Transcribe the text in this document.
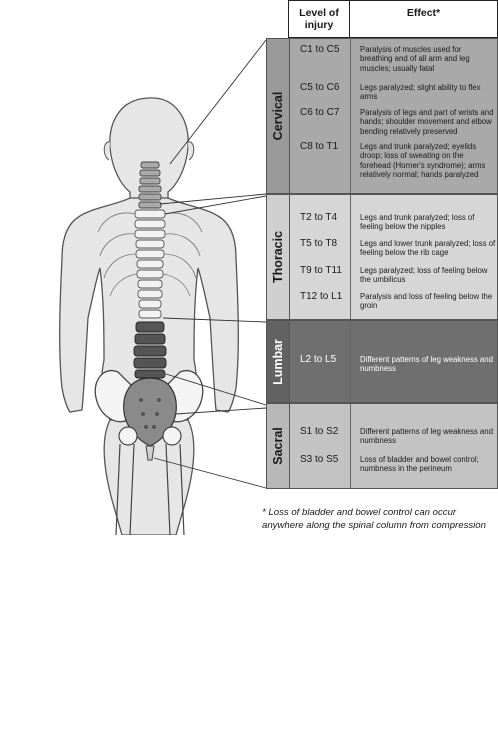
Level of injury
Effect*
Cervical
C1 to C5	Paralysis of muscles used for breathing and of all arm and leg muscles; usually fatal
C5 to C6	Legs paralyzed; slight ability to flex arms
C6 to C7	Paralysis of legs and part of wrists and hands; shoulder movement and elbow bending relatively preserved
C8 to T1	Legs and trunk paralyzed; eyelids droop; loss of sweating on the forehead (Horner's syndrome); arms relatively normal; hands paralyzed
Thoracic
T2 to T4	Legs and trunk paralyzed; loss of feeling below the nipples
T5 to T8	Legs and lower trunk paralyzed; loss of feeling below the rib cage
T9 to T11 Legs paralyzed; loss of feeling below the umbilicus
T12 to L1 Paralysis and loss of feeling below the groin
Lumbar L2 to L5	Different patterns of leg weakness and numbness
Sacral S1 to S2	Different patterns of leg weakness and numbness
S3 to S5	Loss of bladder and bowel control; numbness in the perineum
* Loss of bladder and bowel control can occur anywhere along the spinal column from compression
